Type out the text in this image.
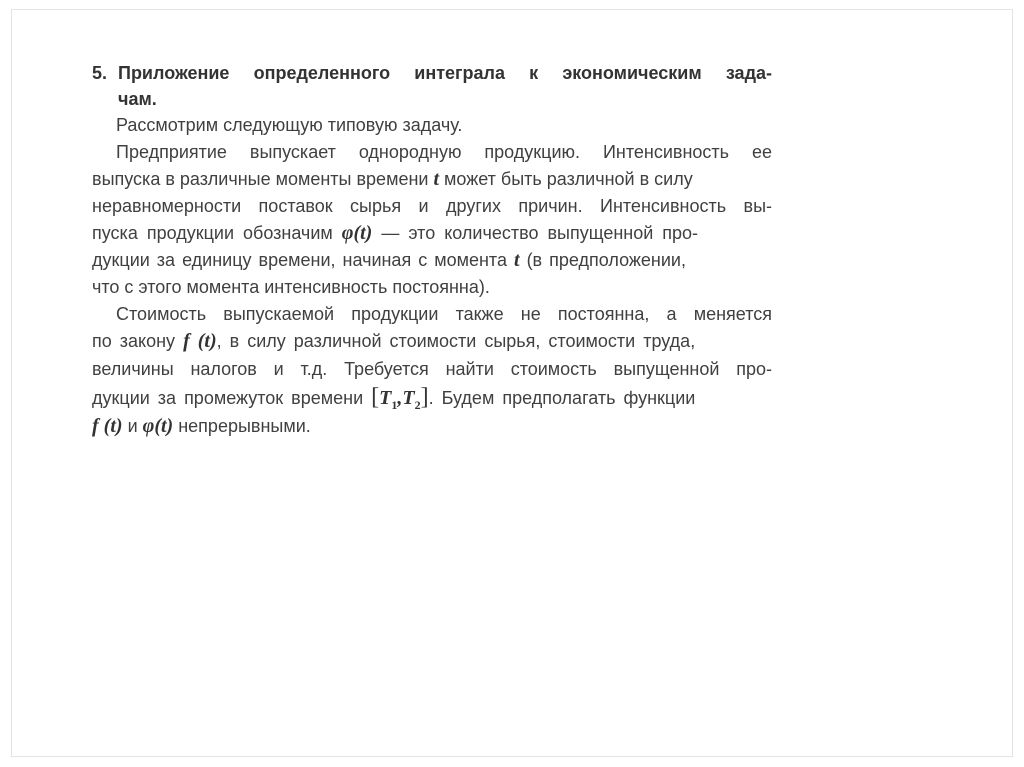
5. Приложение определенного интеграла к экономическим зада-
чам.
Рассмотрим следующую типовую задачу.
Предприятие выпускает однородную продукцию. Интенсивность ее
выпуска в различные моменты времени t может быть различной в силу
неравномерности поставок сырья и других причин. Интенсивность вы-
пуска продукции обозначим φ(t) — это количество выпущенной про-
дукции за единицу времени, начиная с момента t (в предположении,
что с этого момента интенсивность постоянна).
Стоимость выпускаемой продукции также не постоянна, а меняется
по закону f (t), в силу различной стоимости сырья, стоимости труда,
величины налогов и т.д. Требуется найти стоимость выпущенной про-
дукции за промежуток времени $[T_1,T_2]$. Будем предполагать функции
f (t) и φ(t) непрерывными.
